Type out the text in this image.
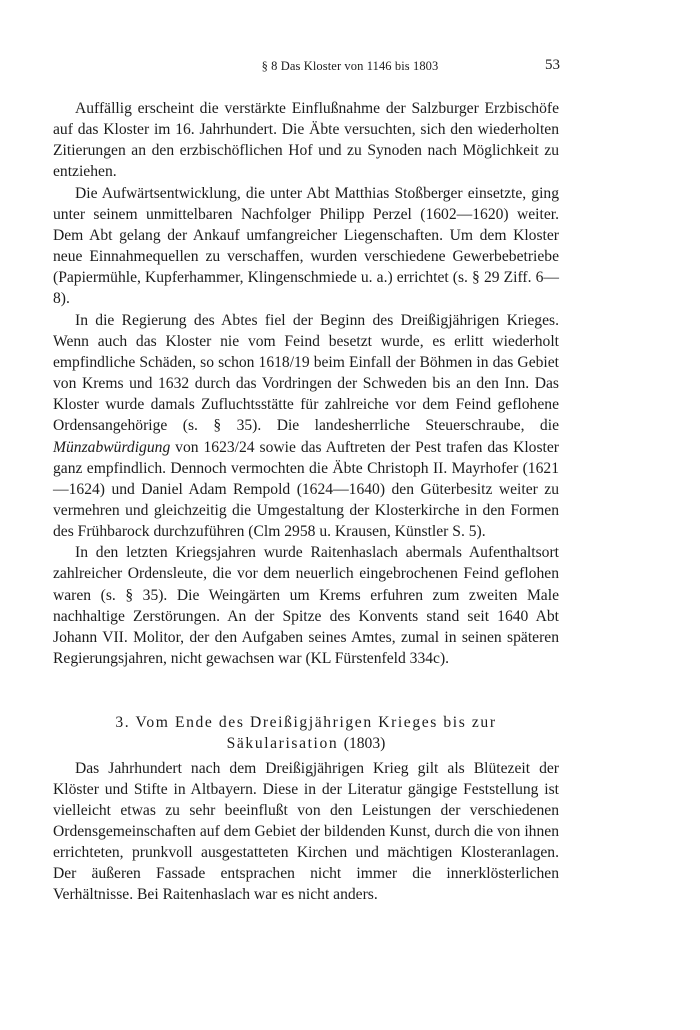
§ 8 Das Kloster von 1146 bis 1803	53

Auffällig erscheint die verstärkte Einflußnahme der Salzburger Erzbischöfe auf das Kloster im 16. Jahrhundert. Die Äbte versuchten, sich den wiederholten Zitierungen an den erzbischöflichen Hof und zu Synoden nach Möglichkeit zu entziehen.

Die Aufwärtsentwicklung, die unter Abt Matthias Stoßberger einsetzte, ging unter seinem unmittelbaren Nachfolger Philipp Perzel (1602—1620) weiter. Dem Abt gelang der Ankauf umfangreicher Liegenschaften. Um dem Kloster neue Einnahmequellen zu verschaffen, wurden verschiedene Gewerbebetriebe (Papiermühle, Kupferhammer, Klingenschmiede u. a.) errichtet (s. § 29 Ziff. 6—8).

In die Regierung des Abtes fiel der Beginn des Dreißigjährigen Krieges. Wenn auch das Kloster nie vom Feind besetzt wurde, es erlitt wiederholt empfindliche Schäden, so schon 1618/19 beim Einfall der Böhmen in das Gebiet von Krems und 1632 durch das Vordringen der Schweden bis an den Inn. Das Kloster wurde damals Zufluchtsstätte für zahlreiche vor dem Feind geflohene Ordensangehörige (s. § 35). Die landesherrliche Steuerschraube, die Münzabwürdigung von 1623/24 sowie das Auftreten der Pest trafen das Kloster ganz empfindlich. Dennoch vermochten die Äbte Christoph II. Mayrhofer (1621—1624) und Daniel Adam Rempold (1624—1640) den Güterbesitz weiter zu vermehren und gleichzeitig die Umgestaltung der Klosterkirche in den Formen des Frühbarock durchzuführen (Clm 2958 u. Krausen, Künstler S. 5).

In den letzten Kriegsjahren wurde Raitenhaslach abermals Aufenthaltsort zahlreicher Ordensleute, die vor dem neuerlich eingebrochenen Feind geflohen waren (s. § 35). Die Weingärten um Krems erfuhren zum zweiten Male nachhaltige Zerstörungen. An der Spitze des Konvents stand seit 1640 Abt Johann VII. Molitor, der den Aufgaben seines Amtes, zumal in seinen späteren Regierungsjahren, nicht gewachsen war (KL Fürstenfeld 334c).

3. Vom Ende des Dreißigjährigen Krieges bis zur
Säkularisation (1803)

Das Jahrhundert nach dem Dreißigjährigen Krieg gilt als Blütezeit der Klöster und Stifte in Altbayern. Diese in der Literatur gängige Feststellung ist vielleicht etwas zu sehr beeinflußt von den Leistungen der verschiedenen Ordensgemeinschaften auf dem Gebiet der bildenden Kunst, durch die von ihnen errichteten, prunkvoll ausgestatteten Kirchen und mächtigen Klosteranlagen. Der äußeren Fassade entsprachen nicht immer die innerklösterlichen Verhältnisse. Bei Raitenhaslach war es nicht anders.
